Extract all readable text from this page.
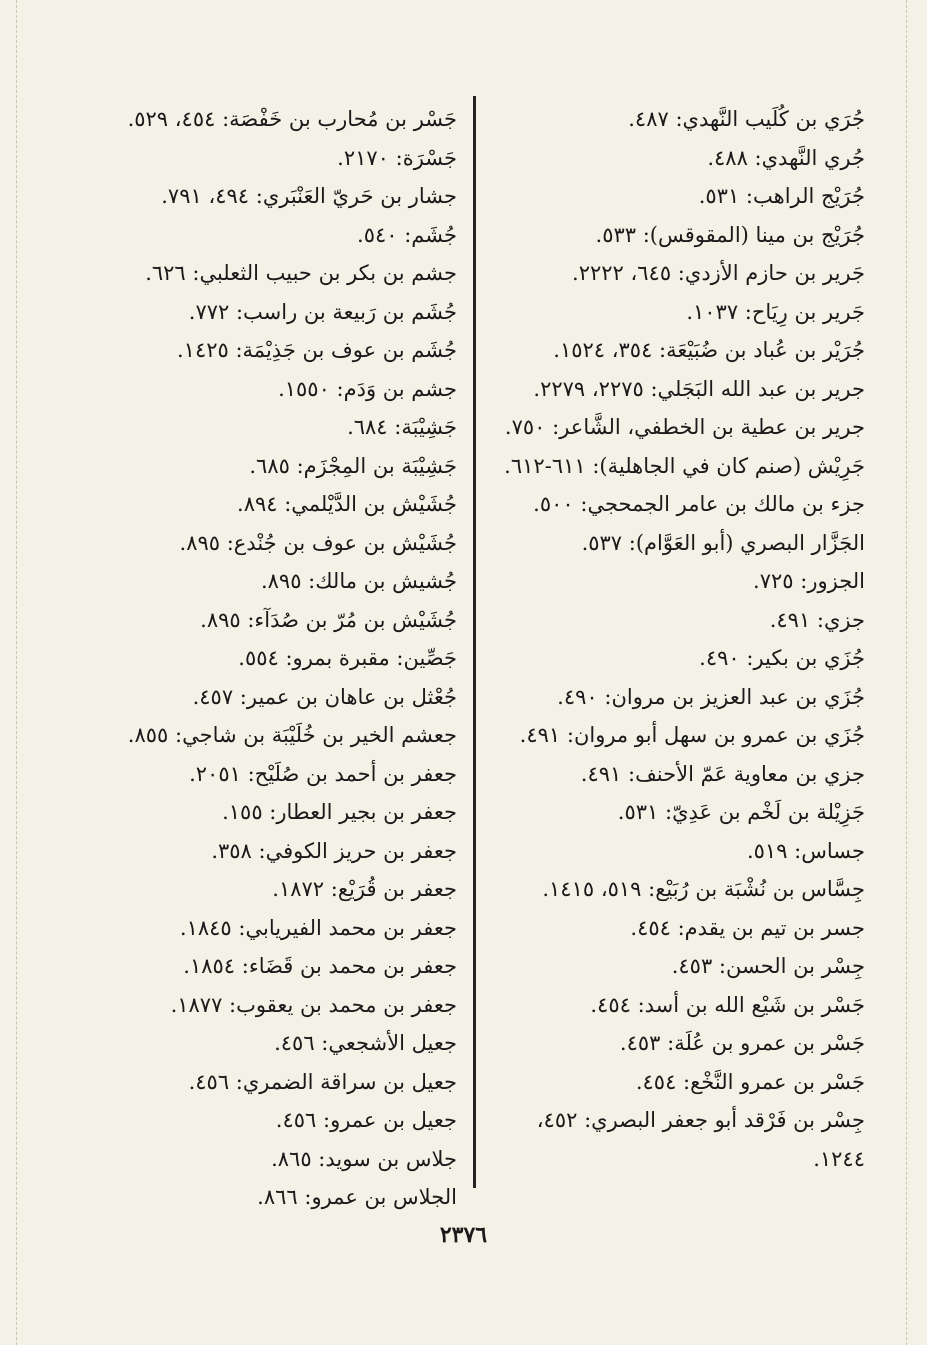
جُرَي بن كُلَيب النَّهدي: ٤٨٧.
جُري النَّهدي: ٤٨٨.
جُرَيْج الراهب: ٥٣١.
جُرَيْج بن مينا (المقوقس): ٥٣٣.
جَرير بن حازم الأزدي: ٦٤٥، ٢٢٢٢.
جَرير بن رِيَاح: ١٠٣٧.
جُرَيْر بن عُباد بن ضُبَيْعَة: ٣٥٤، ١٥٢٤.
جرير بن عبد الله البَجَلي: ٢٢٧٥، ٢٢٧٩.
جرير بن عطية بن الخطفي، الشَّاعر: ٧٥٠.
جَرِيْش (صنم كان في الجاهلية): ٦١١-٦١٢.
جزء بن مالك بن عامر الجمحجي: ٥٠٠.
الجَزَّار البصري (أبو العَوَّام): ٥٣٧.
الجزور: ٧٢٥.
جزي: ٤٩١.
جُزَي بن بكير: ٤٩٠.
جُزَي بن عبد العزيز بن مروان: ٤٩٠.
جُزَي بن عمرو بن سهل أبو مروان: ٤٩١.
جزي بن معاوية عَمّ الأحنف: ٤٩١.
جَزِيْلة بن لَخْم بن عَدِيّ: ٥٣١.
جساس: ٥١٩.
جِسَّاس بن نُشْبَة بن رُبَيْع: ٥١٩، ١٤١٥.
جسر بن تيم بن يقدم: ٤٥٤.
جِسْر بن الحسن: ٤٥٣.
جَسْر بن شَيْع الله بن أسد: ٤٥٤.
جَسْر بن عمرو بن عُلَة: ٤٥٣.
جَسْر بن عمرو النَّخْع: ٤٥٤.
جِسْر بن فَرْقد أبو جعفر البصري: ٤٥٢،
١٢٤٤.
جَسْر بن مُحارب بن خَفْصَة: ٤٥٤، ٥٢٩.
جَسْرَة: ٢١٧٠.
جشار بن حَريّ العَنْبَري: ٤٩٤، ٧٩١.
جُشَم: ٥٤٠.
جشم بن بكر بن حبيب الثعلبي: ٦٢٦.
جُشَم بن رَبيعة بن راسب: ٧٧٢.
جُشَم بن عوف بن جَذِيْمَة: ١٤٢٥.
جشم بن وَدَم: ١٥٥٠.
جَشِيْبَة: ٦٨٤.
جَشِيْبَة بن المِجْزَم: ٦٨٥.
جُشَيْش بن الدَّيْلمي: ٨٩٤.
جُشَيْش بن عوف بن جُنْدع: ٨٩٥.
جُشيش بن مالك: ٨٩٥.
جُشَيْش بن مُرّ بن صُدَآء: ٨٩٥.
جَصِّين: مقبرة بمرو: ٥٥٤.
جُعْثل بن عاهان بن عمير: ٤٥٧.
جعشم الخير بن خُلَيْبَة بن شاجي: ٨٥٥.
جعفر بن أحمد بن صُلَيْح: ٢٠٥١.
جعفر بن بجير العطار: ١٥٥.
جعفر بن حريز الكوفي: ٣٥٨.
جعفر بن قُرَيْع: ١٨٧٢.
جعفر بن محمد الفيريابي: ١٨٤٥.
جعفر بن محمد بن قَضَاء: ١٨٥٤.
جعفر بن محمد بن يعقوب: ١٨٧٧.
جعيل الأشجعي: ٤٥٦.
جعيل بن سراقة الضمري: ٤٥٦.
جعيل بن عمرو: ٤٥٦.
جلاس بن سويد: ٨٦٥.
الجلاس بن عمرو: ٨٦٦.
٢٣٧٦
